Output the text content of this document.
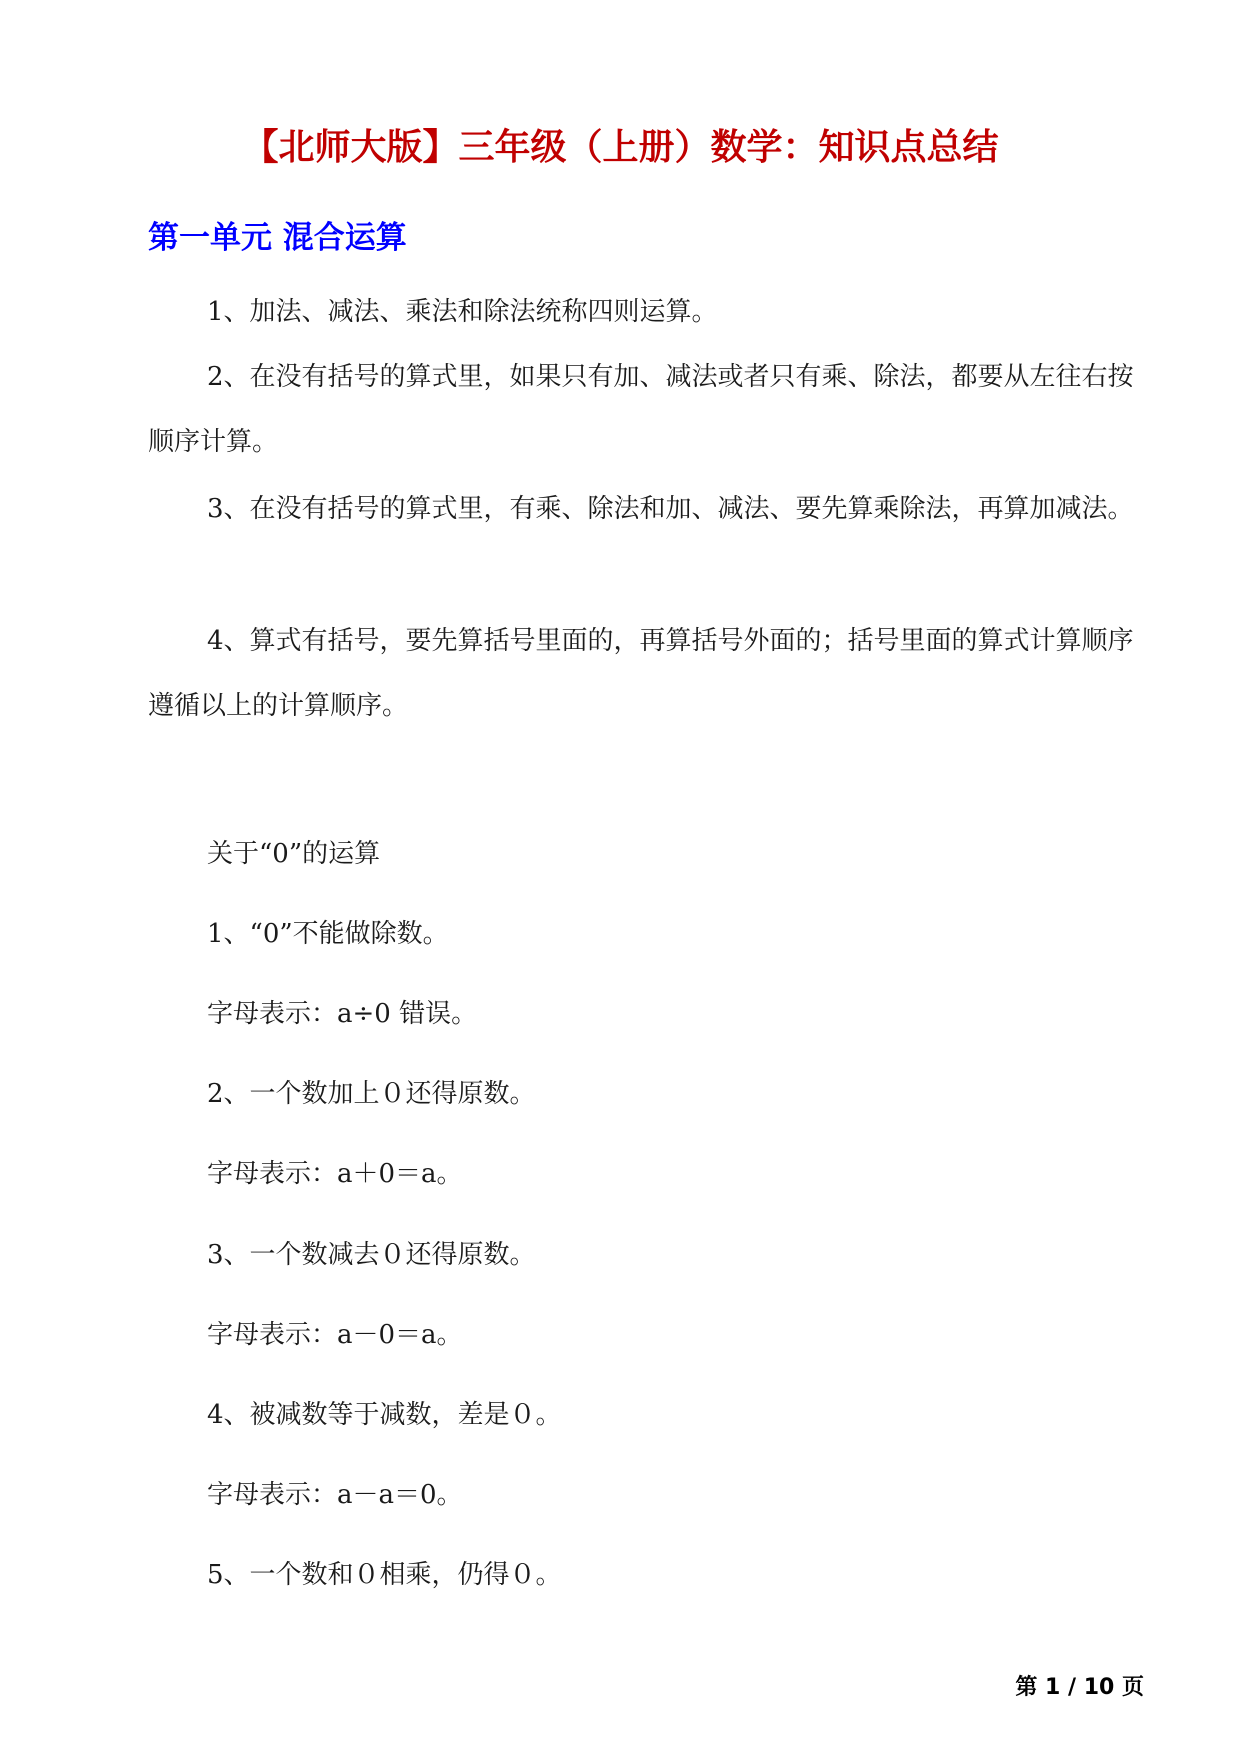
【北师大版】三年级（上册）数学：知识点总结
第一单元 混合运算

1、加法、减法、乘法和除法统称四则运算。

2、在没有括号的算式里，如果只有加、减法或者只有乘、除法，都要从左往右按顺序计算。

3、在没有括号的算式里，有乘、除法和加、减法、要先算乘除法，再算加减法。

4、算式有括号，要先算括号里面的，再算括号外面的；括号里面的算式计算顺序遵循以上的计算顺序。

关于“0”的运算

1、“0”不能做除数。

字母表示：a÷0 错误。

2、一个数加上０还得原数。

字母表示：a＋0＝a。

3、一个数减去０还得原数。

字母表示：a－0＝a。

4、被减数等于减数，差是０。

字母表示：a－a＝0。

5、一个数和０相乘，仍得０。

第 1 / 10 页
